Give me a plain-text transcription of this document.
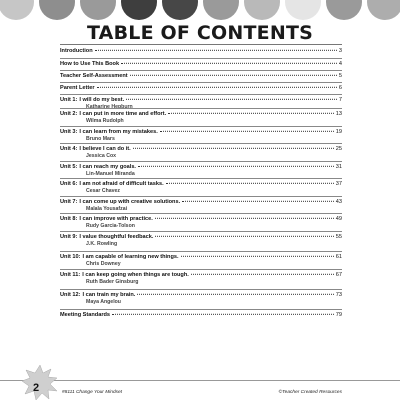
TABLE OF CONTENTS
Introduction	3
How to Use This Book	4
Teacher Self-Assessment	5
Parent Letter	6
Unit 1: I will do my best.	7
Katharine Hepburn
Unit 2: I can put in more time and effort.	13
Wilma Rudolph
Unit 3: I can learn from my mistakes.	19
Bruno Mars
Unit 4: I believe I can do it.	25
Jessica Cox
Unit 5: I can reach my goals.	31
Lin-Manuel Miranda
Unit 6: I am not afraid of difficult tasks.	37
Cesar Chavez
Unit 7: I can come up with creative solutions.	43
Malala Yousafzai
Unit 8: I can improve with practice.	49
Rudy Garcia-Tolson
Unit 9: I value thoughtful feedback.	55
J.K. Rowling
Unit 10: I am capable of learning new things.	61
Chris Downey
Unit 11: I can keep going when things are tough.	67
Ruth Bader Ginsburg
Unit 12: I can train my brain.	73
Maya Angelou
Meeting Standards	79
2	#8111 Change Your Mindset	©Teacher Created Resources
